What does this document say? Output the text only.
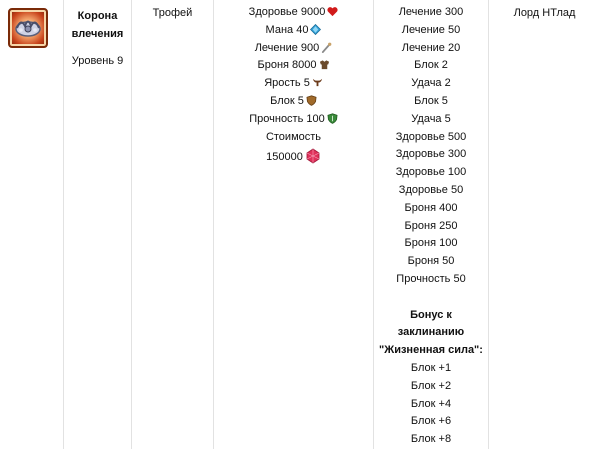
Корона
влечения
Уровень 9
Трофей	Здоровье 9000
Мана 40
Лечение 900
Броня 8000
Ярость 5
Блок 5
Прочность 100
Стоимость
150000
Лечение 300
Лечение 50
Лечение 20
Блок 2
Удача 2
Блок 5
Удача 5
Здоровье 500
Здоровье 300
Здоровье 100
Здоровье 50
Броня 400
Броня 250
Броня 100
Броня 50
Прочность 50
Бонус к
заклинанию
"Жизненная сила":
Блок +1
Блок +2
Блок +4
Блок +6
Блок +8
Лорд НТлад
